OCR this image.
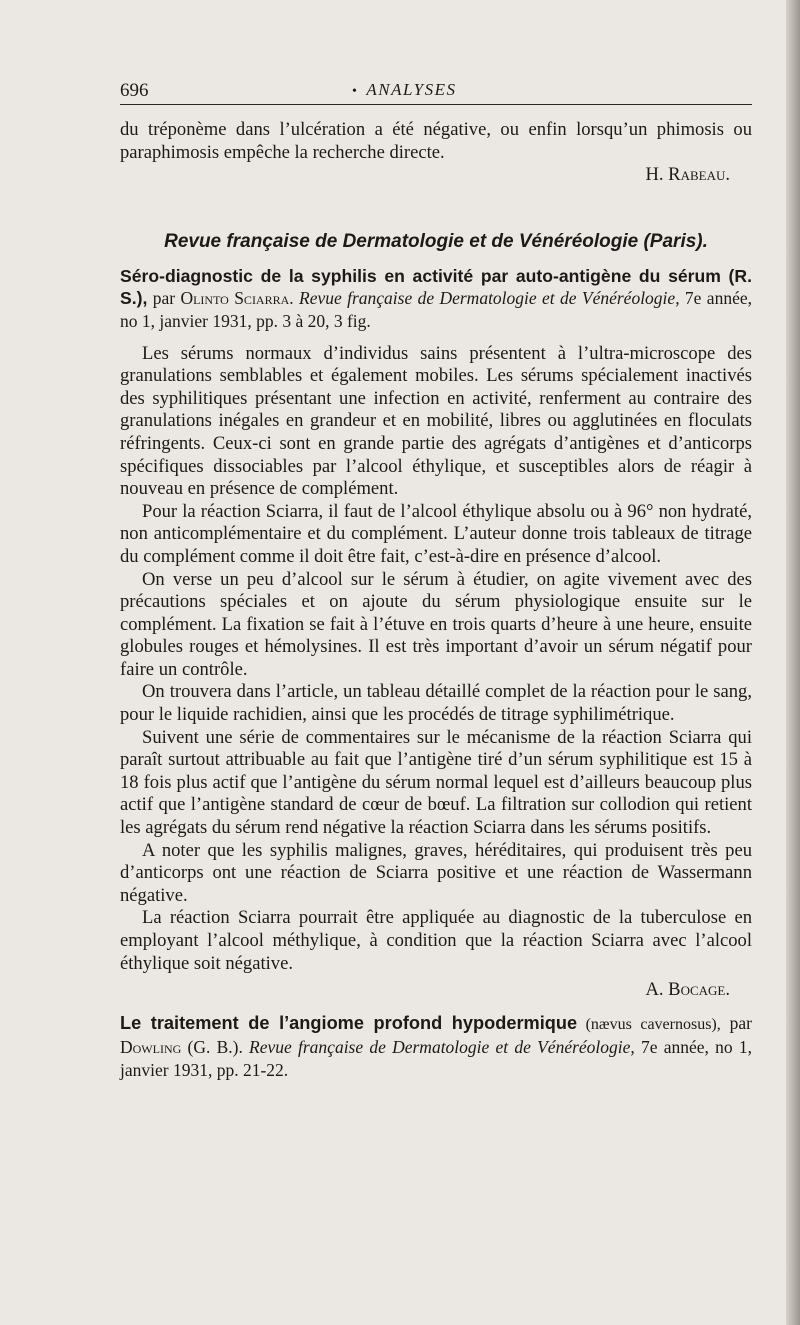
696	• ANALYSES

du tréponème dans l’ulcération a été négative, ou enfin lorsqu’un phimosis ou paraphimosis empêche la recherche directe.

H. Rabeau.

Revue française de Dermatologie et de Vénéréologie (Paris).

Séro-diagnostic de la syphilis en activité par auto-antigène du sérum (R. S.), par Olinto Sciarra. Revue française de Dermatologie et de Vénéréologie, 7e année, no 1, janvier 1931, pp. 3 à 20, 3 fig.

Les sérums normaux d’individus sains présentent à l’ultra-microscope des granulations semblables et également mobiles. Les sérums spécialement inactivés des syphilitiques présentant une infection en activité, renferment au contraire des granulations inégales en grandeur et en mobilité, libres ou agglutinées en floculats réfringents. Ceux-ci sont en grande partie des agrégats d’antigènes et d’anticorps spécifiques dissociables par l’alcool éthylique, et susceptibles alors de réagir à nouveau en présence de complément.

Pour la réaction Sciarra, il faut de l’alcool éthylique absolu ou à 96° non hydraté, non anticomplémentaire et du complément. L’auteur donne trois tableaux de titrage du complément comme il doit être fait, c’est-à-dire en présence d’alcool.

On verse un peu d’alcool sur le sérum à étudier, on agite vivement avec des précautions spéciales et on ajoute du sérum physiologique ensuite sur le complément. La fixation se fait à l’étuve en trois quarts d’heure à une heure, ensuite globules rouges et hémolysines. Il est très important d’avoir un sérum négatif pour faire un contrôle.

On trouvera dans l’article, un tableau détaillé complet de la réaction pour le sang, pour le liquide rachidien, ainsi que les procédés de titrage syphilimétrique.

Suivent une série de commentaires sur le mécanisme de la réaction Sciarra qui paraît surtout attribuable au fait que l’antigène tiré d’un sérum syphilitique est 15 à 18 fois plus actif que l’antigène du sérum normal lequel est d’ailleurs beaucoup plus actif que l’antigène standard de cœur de bœuf. La filtration sur collodion qui retient les agrégats du sérum rend négative la réaction Sciarra dans les sérums positifs.

A noter que les syphilis malignes, graves, héréditaires, qui produisent très peu d’anticorps ont une réaction de Sciarra positive et une réaction de Wassermann négative.

La réaction Sciarra pourrait être appliquée au diagnostic de la tuberculose en employant l’alcool méthylique, à condition que la réaction Sciarra avec l’alcool éthylique soit négative.

A. Bocage.

Le traitement de l’angiome profond hypodermique (nævus cavernosus), par Dowling (G. B.). Revue française de Dermatologie et de Vénéréologie, 7e année, no 1, janvier 1931, pp. 21-22.
